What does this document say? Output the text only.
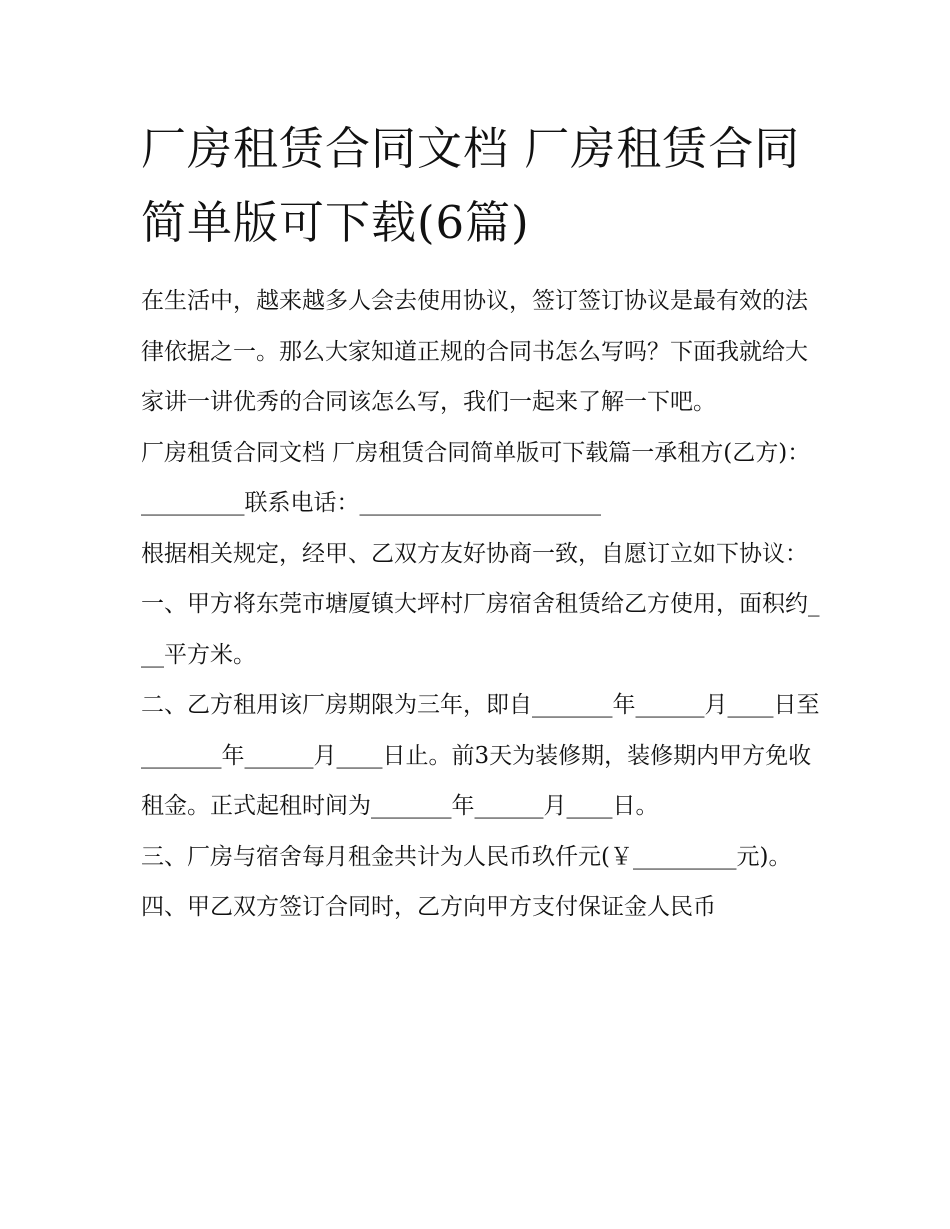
厂房租赁合同文档 厂房租赁合同简单版可下载(6篇)

在生活中，越来越多人会去使用协议，签订签订协议是最有效的法律依据之一。那么大家知道正规的合同书怎么写吗？下面我就给大家讲一讲优秀的合同该怎么写，我们一起来了解一下吧。

厂房租赁合同文档 厂房租赁合同简单版可下载篇一承租方(乙方)：_________联系电话：_____________________

根据相关规定，经甲、乙双方友好协商一致，自愿订立如下协议： 一、甲方将东莞市塘厦镇大坪村厂房宿舍租赁给乙方使用，面积约___平方米。

二、乙方租用该厂房期限为三年，即自_______年______月____日至_______年______月____日止。前3天为装修期，装修期内甲方免收租金。正式起租时间为_______年______月____日。

三、厂房与宿舍每月租金共计为人民币玖仟元(￥_________元)。

四、甲乙双方签订合同时，乙方向甲方支付保证金人民币
